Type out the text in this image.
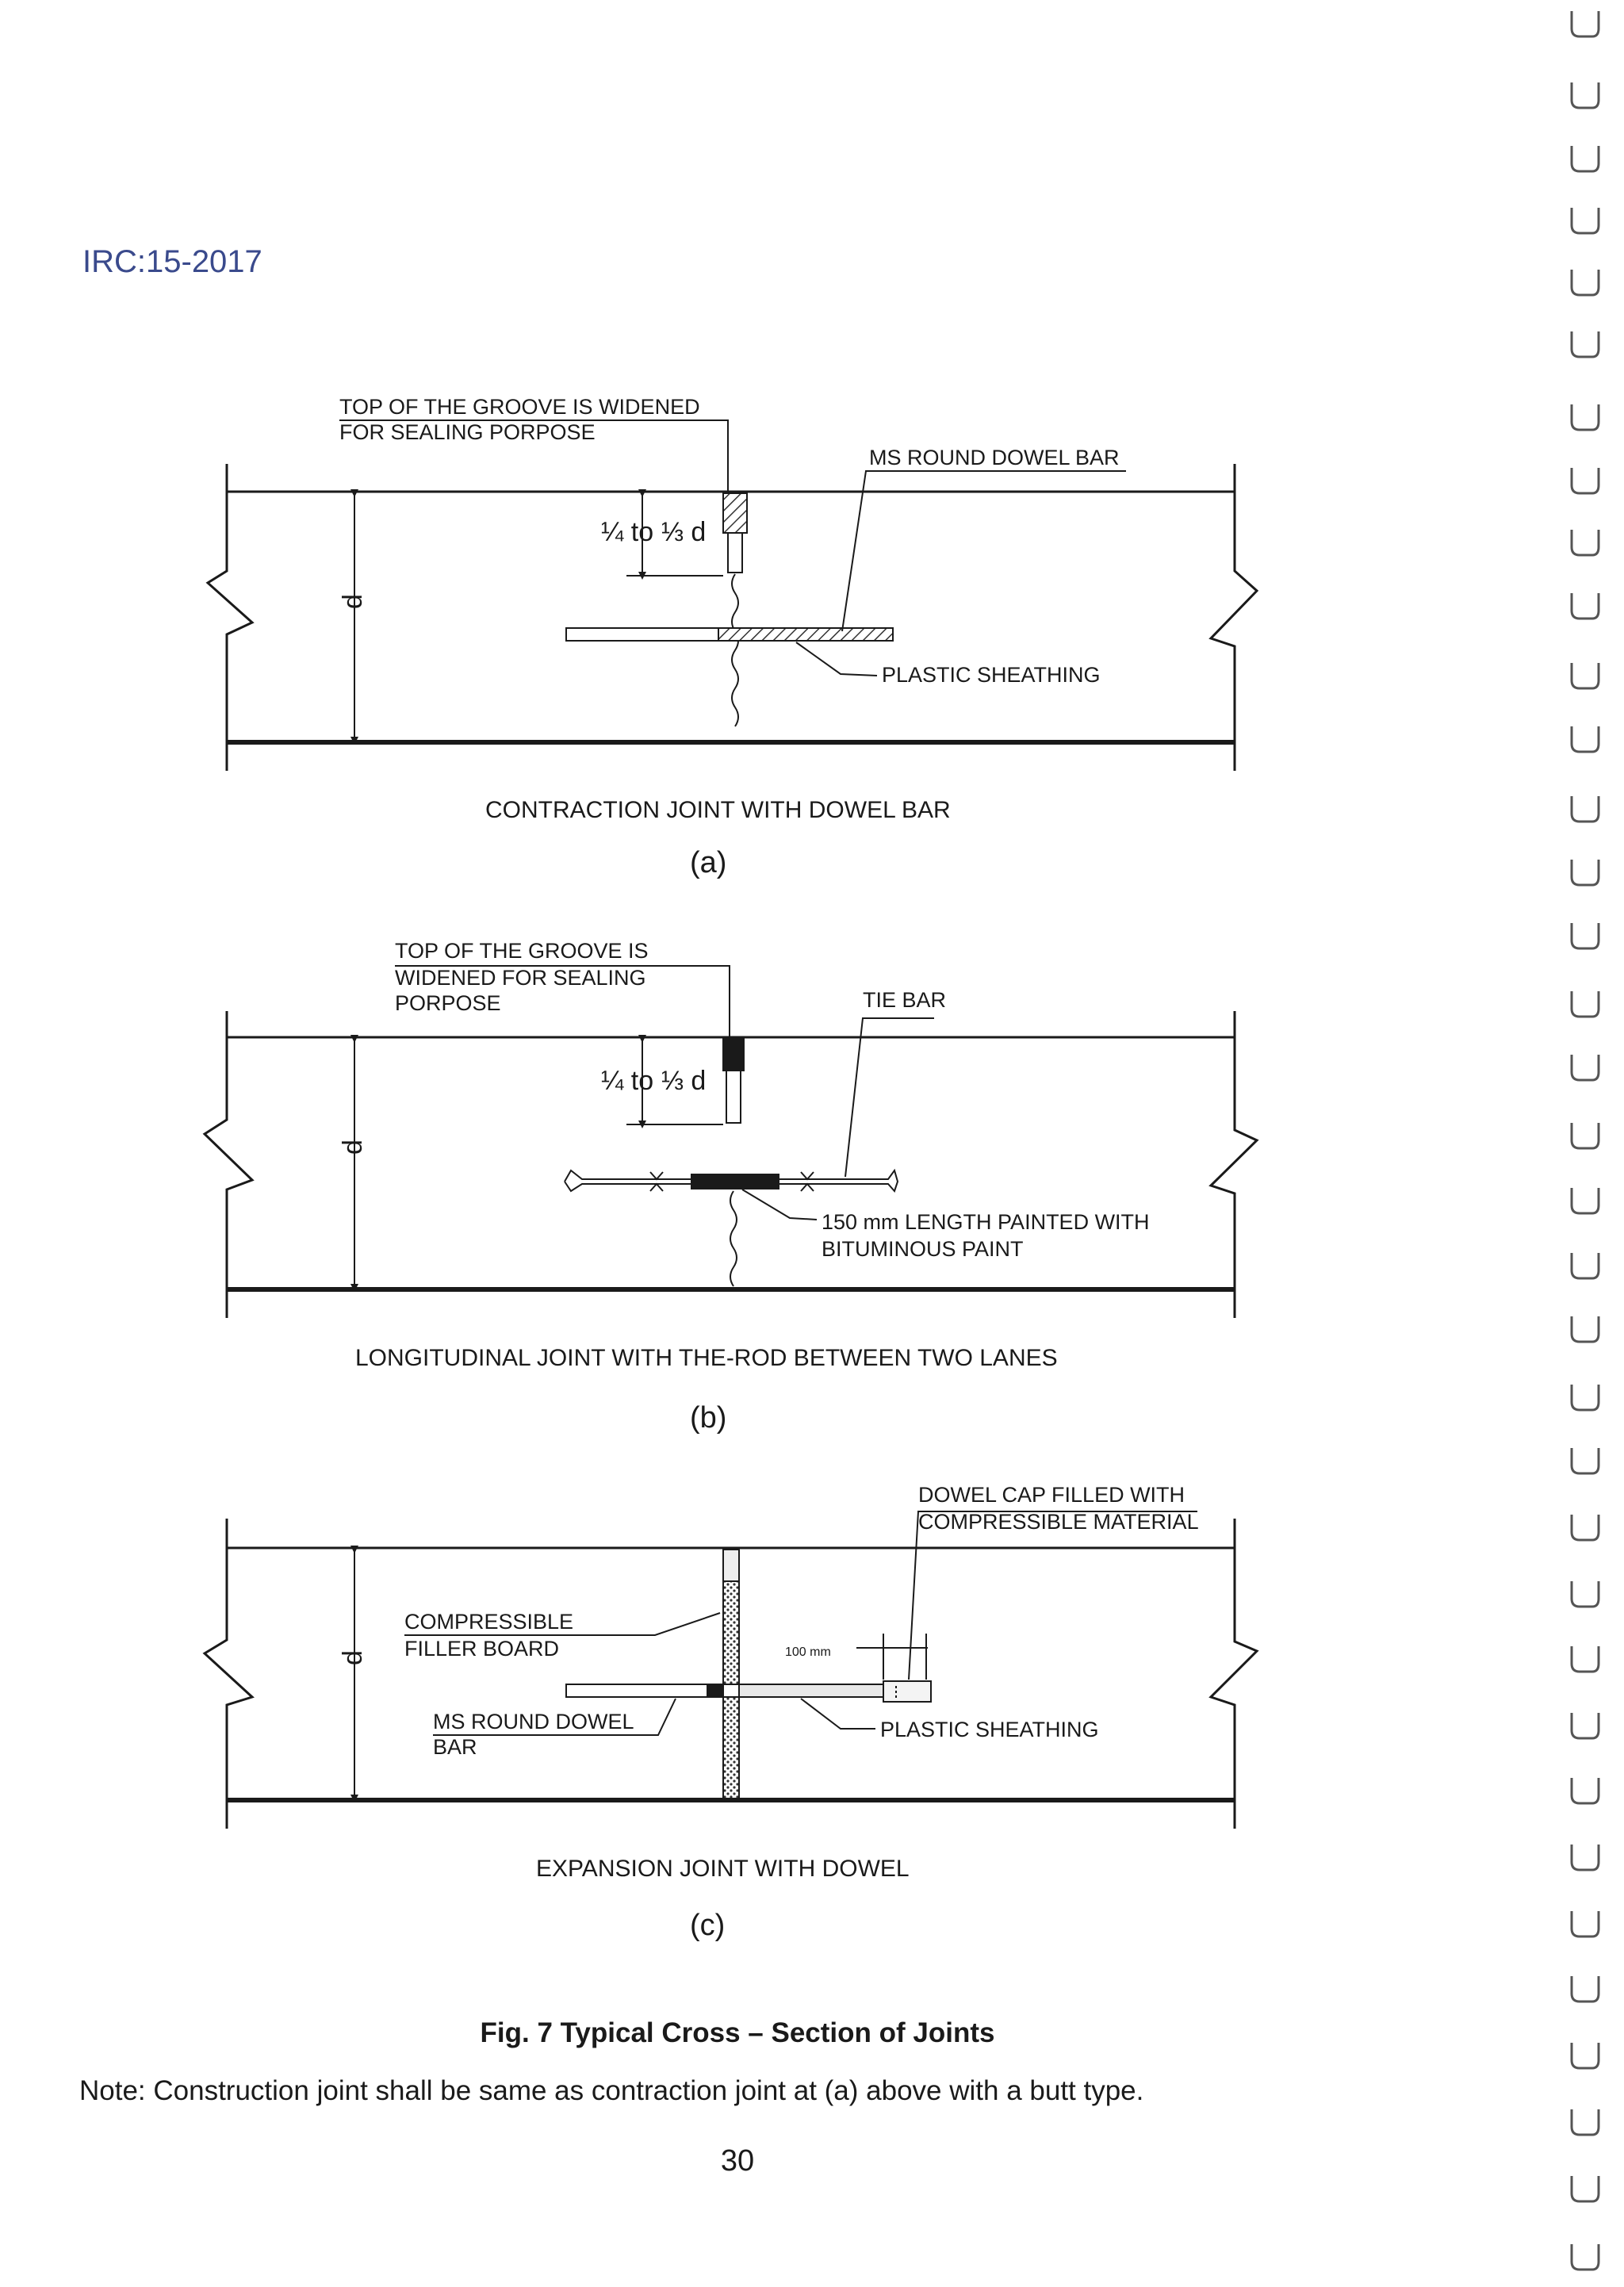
IRC:15-2017
TOP OF THE GROOVE IS WIDENED
FOR SEALING PORPOSE
MS ROUND DOWEL BAR
PLASTIC SHEATHING
d
¼ to ⅓ d
CONTRACTION JOINT WITH DOWEL BAR
(a)
TOP OF THE GROOVE IS
WIDENED FOR SEALING
PORPOSE	TIE BAR
150 mm LENGTH PAINTED WITH
BITUMINOUS PAINT
d
¼ to ⅓ d
LONGITUDINAL JOINT WITH THE-ROD BETWEEN TWO LANES
(b)
DOWEL CAP FILLED WITH
COMPRESSIBLE MATERIAL
COMPRESSIBLE
FILLER BOARD
MS ROUND DOWEL
BAR
100 mm
PLASTIC SHEATHING
d
EXPANSION JOINT WITH DOWEL
(c)
Fig. 7 Typical Cross – Section of Joints
Note: Construction joint shall be same as contraction joint at (a) above with a butt type.
30
